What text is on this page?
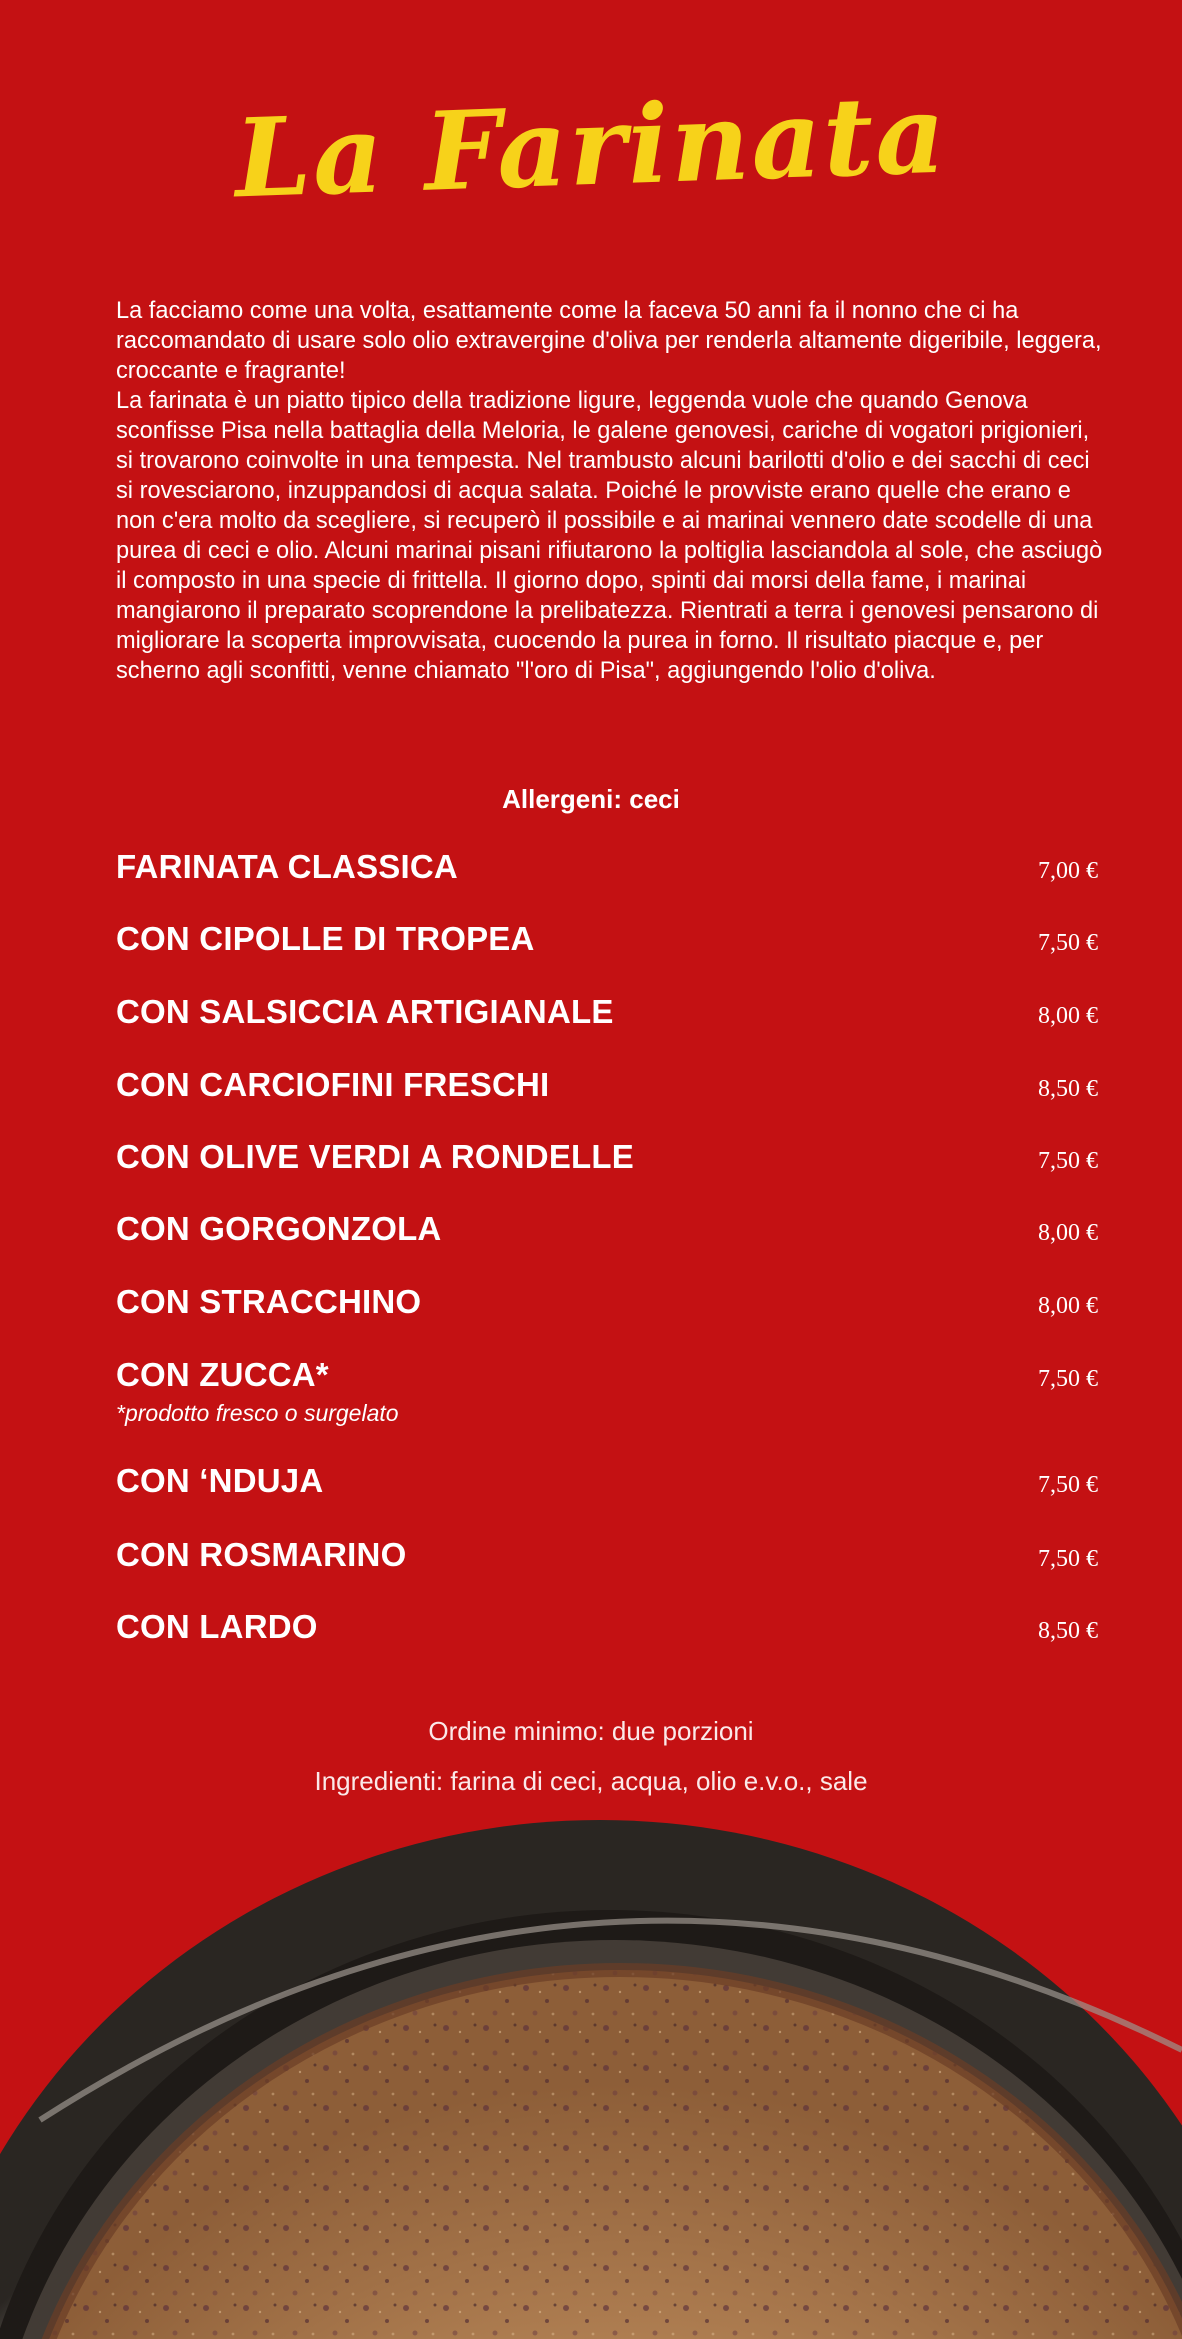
La Farinata

La facciamo come una volta, esattamente come la faceva 50 anni fa il nonno che ci ha raccomandato di usare solo olio extravergine d'oliva per renderla altamente digeribile, leggera, croccante e fragrante!

La farinata è un piatto tipico della tradizione ligure, leggenda vuole che quando Genova sconfisse Pisa nella battaglia della Meloria, le galene genovesi, cariche di vogatori prigionieri, si trovarono coinvolte in una tempesta. Nel trambusto alcuni barilotti d'olio e dei sacchi di ceci si rovesciarono, inzuppandosi di acqua salata. Poiché le provviste erano quelle che erano e non c'era molto da scegliere, si recuperò il possibile e ai marinai vennero date scodelle di una purea di ceci e olio. Alcuni marinai pisani rifiutarono la poltiglia lasciandola al sole, che asciugò il composto in una specie di frittella. Il giorno dopo, spinti dai morsi della fame, i marinai mangiarono il preparato scoprendone la prelibatezza. Rientrati a terra i genovesi pensarono di migliorare la scoperta improvvisata, cuocendo la purea in forno. Il risultato piacque e, per scherno agli sconfitti, venne chiamato "l'oro di Pisa", aggiungendo l'olio d'oliva.

Allergeni: ceci
FARINATA CLASSICA	7,00 €
CON CIPOLLE DI TROPEA	7,50 €
CON SALSICCIA ARTIGIANALE	8,00 €
CON CARCIOFINI FRESCHI	8,50 €
CON OLIVE VERDI A RONDELLE	7,50 €
CON GORGONZOLA	8,00 €
CON STRACCHINO	8,00 €
CON ZUCCA*	7,50 €
*prodotto fresco o surgelato
CON ‘NDUJA	7,50 €
CON ROSMARINO	7,50 €
CON LARDO	8,50 €
Ordine minimo: due porzioni
Ingredienti: farina di ceci, acqua, olio e.v.o., sale
